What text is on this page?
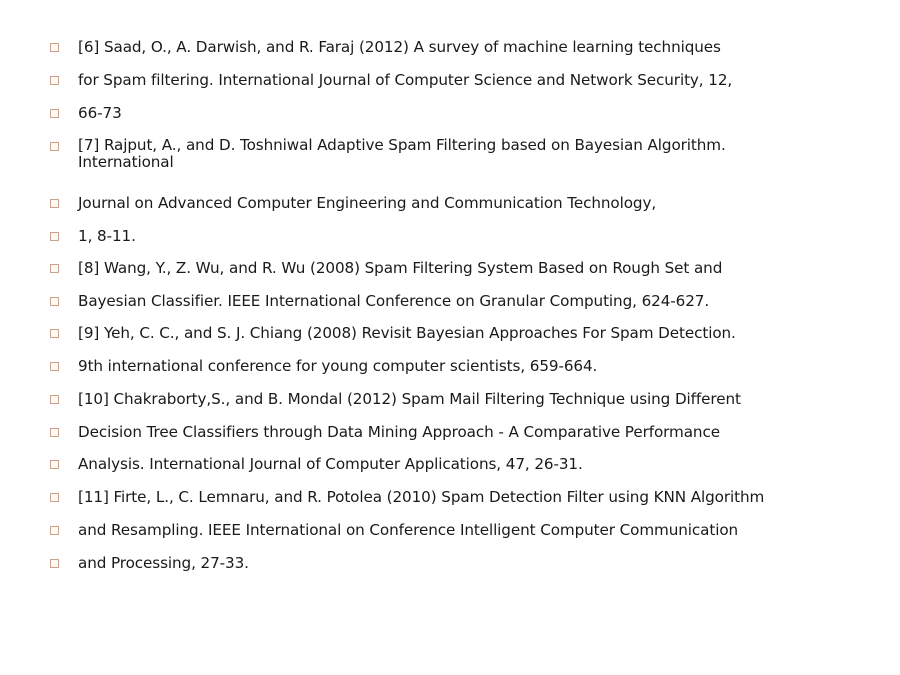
[6] Saad, O., A. Darwish, and R. Faraj (2012) A survey of machine learning techniques
for Spam filtering. International Journal of Computer Science and Network Security, 12,
66-73
[7] Rajput, A., and D. Toshniwal Adaptive Spam Filtering based on Bayesian Algorithm. International
Journal on Advanced Computer Engineering and Communication Technology,
1, 8-11.
[8] Wang, Y., Z. Wu, and R. Wu (2008) Spam Filtering System Based on Rough Set and
Bayesian Classifier. IEEE International Conference on Granular Computing, 624-627.
[9] Yeh, C. C., and S. J. Chiang (2008) Revisit Bayesian Approaches For Spam Detection.
9th international conference for young computer scientists, 659-664.
[10] Chakraborty,S., and B. Mondal (2012) Spam Mail Filtering Technique using Different
Decision Tree Classifiers through Data Mining Approach - A Comparative Performance
Analysis. International Journal of Computer Applications, 47, 26-31.
[11] Firte, L., C. Lemnaru, and R. Potolea (2010) Spam Detection Filter using KNN Algorithm
and Resampling. IEEE International on Conference Intelligent Computer Communication
and Processing, 27-33.
